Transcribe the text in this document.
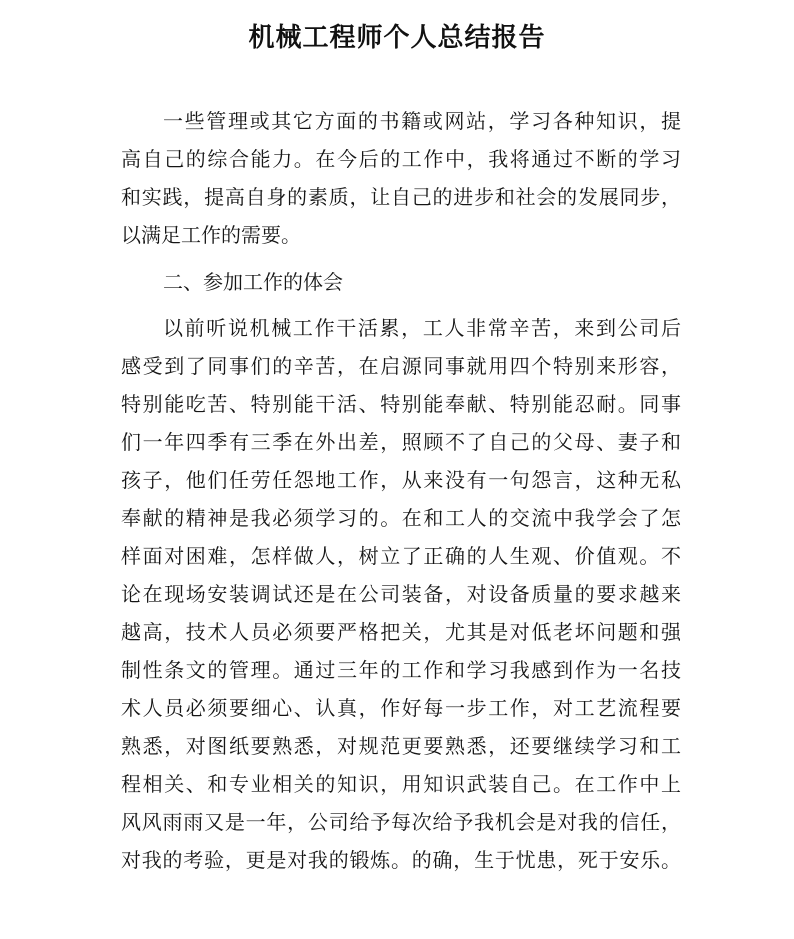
机械工程师个人总结报告
一些管理或其它方面的书籍或网站，学习各种知识，提
高自己的综合能力。在今后的工作中，我将通过不断的学习
和实践，提高自身的素质，让自己的进步和社会的发展同步，
以满足工作的需要。
二、参加工作的体会
以前听说机械工作干活累，工人非常辛苦，来到公司后
感受到了同事们的辛苦，在启源同事就用四个特别来形容，
特别能吃苦、特别能干活、特别能奉献、特别能忍耐。同事
们一年四季有三季在外出差，照顾不了自己的父母、妻子和
孩子，他们任劳任怨地工作，从来没有一句怨言，这种无私
奉献的精神是我必须学习的。在和工人的交流中我学会了怎
样面对困难，怎样做人，树立了正确的人生观、价值观。不
论在现场安装调试还是在公司装备，对设备质量的要求越来
越高，技术人员必须要严格把关，尤其是对低老坏问题和强
制性条文的管理。通过三年的工作和学习我感到作为一名技
术人员必须要细心、认真，作好每一步工作，对工艺流程要
熟悉，对图纸要熟悉，对规范更要熟悉，还要继续学习和工
程相关、和专业相关的知识，用知识武装自己。在工作中上
风风雨雨又是一年，公司给予每次给予我机会是对我的信任，
对我的考验，更是对我的锻炼。的确，生于忧患，死于安乐。
